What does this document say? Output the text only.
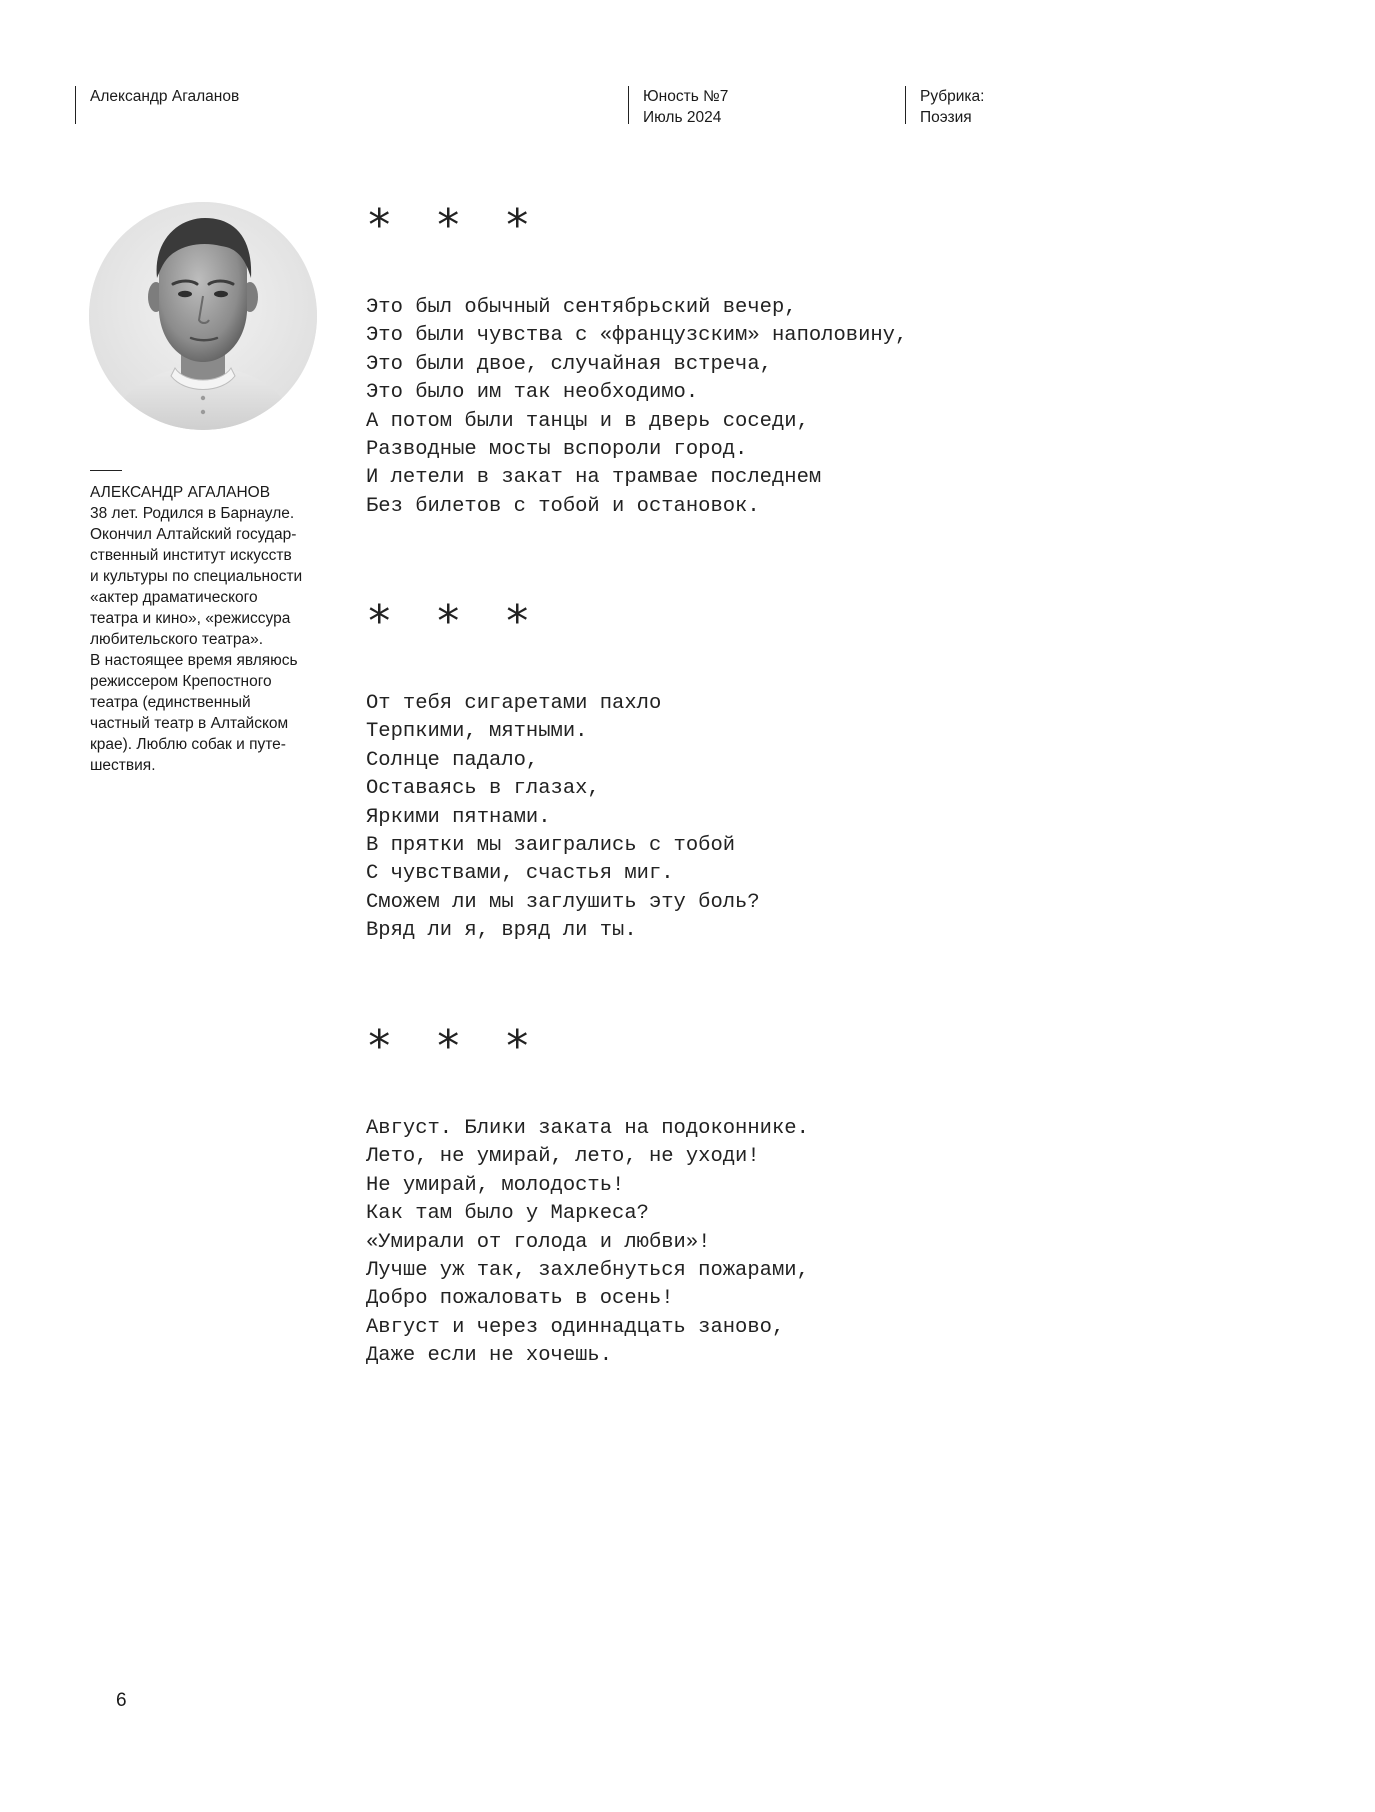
Александр Агаланов	Юность №7
Июль 2024
Рубрика:
Поэзия
АЛЕКСАНДР АГАЛАНОВ
38 лет. Родился в Барнауле.
Окончил Алтайский государ-
ственный институт искусств
и культуры по специальности
«актер драматического
театра и кино», «режиссура
любительского театра».
В настоящее время являюсь
режиссером Крепостного
театра (единственный
частный театр в Алтайском
крае). Люблю собак и путе-
шествия.
* * *
Это был обычный сентябрьский вечер,
Это были чувства с «французским» наполовину,
Это были двое, случайная встреча,
Это было им так необходимо.
А потом были танцы и в дверь соседи,
Разводные мосты вспороли город.
И летели в закат на трамвае последнем
Без билетов с тобой и остановок.
* * *
От тебя сигаретами пахло
Терпкими, мятными.
Солнце падало,
Оставаясь в глазах,
Яркими пятнами.
В прятки мы заигрались с тобой
С чувствами, счастья миг.
Сможем ли мы заглушить эту боль?
Вряд ли я, вряд ли ты.
* * *
Август. Блики заката на подоконнике.
Лето, не умирай, лето, не уходи!
Не умирай, молодость!
Как там было у Маркеса?
«Умирали от голода и любви»!
Лучше уж так, захлебнуться пожарами,
Добро пожаловать в осень!
Август и через одиннадцать заново,
Даже если не хочешь.
6
